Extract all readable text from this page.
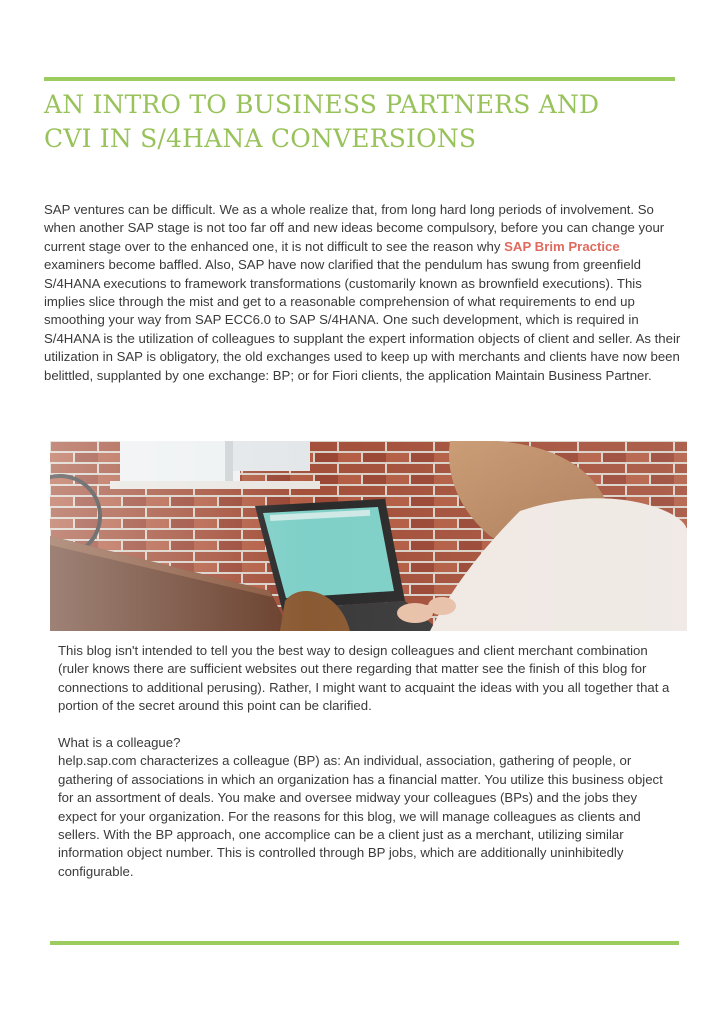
AN INTRO TO BUSINESS PARTNERS AND
CVI IN S/4HANA CONVERSIONS

SAP ventures can be difficult. We as a whole realize that, from long hard long periods of involvement. So when another SAP stage is not too far off and new ideas become compulsory, before you can change your current stage over to the enhanced one, it is not difficult to see the reason why SAP Brim Practice examiners become baffled. Also, SAP have now clarified that the pendulum has swung from greenfield S/4HANA executions to framework transformations (customarily known as brownfield executions). This implies slice through the mist and get to a reasonable comprehension of what requirements to end up smoothing your way from SAP ECC6.0 to SAP S/4HANA. One such development, which is required in S/4HANA is the utilization of colleagues to supplant the expert information objects of client and seller. As their utilization in SAP is obligatory, the old exchanges used to keep up with merchants and clients have now been belittled, supplanted by one exchange: BP; or for Fiori clients, the application Maintain Business Partner.

This blog isn't intended to tell you the best way to design colleagues and client merchant combination (ruler knows there are sufficient websites out there regarding that matter see the finish of this blog for connections to additional perusing). Rather, I might want to acquaint the ideas with you all together that a portion of the secret around this point can be clarified.

What is a colleague?

help.sap.com characterizes a colleague (BP) as: An individual, association, gathering of people, or gathering of associations in which an organization has a financial matter. You utilize this business object for an assortment of deals. You make and oversee midway your colleagues (BPs) and the jobs they expect for your organization. For the reasons for this blog, we will manage colleagues as clients and sellers. With the BP approach, one accomplice can be a client just as a merchant, utilizing similar information object number. This is controlled through BP jobs, which are additionally uninhibitedly configurable.
